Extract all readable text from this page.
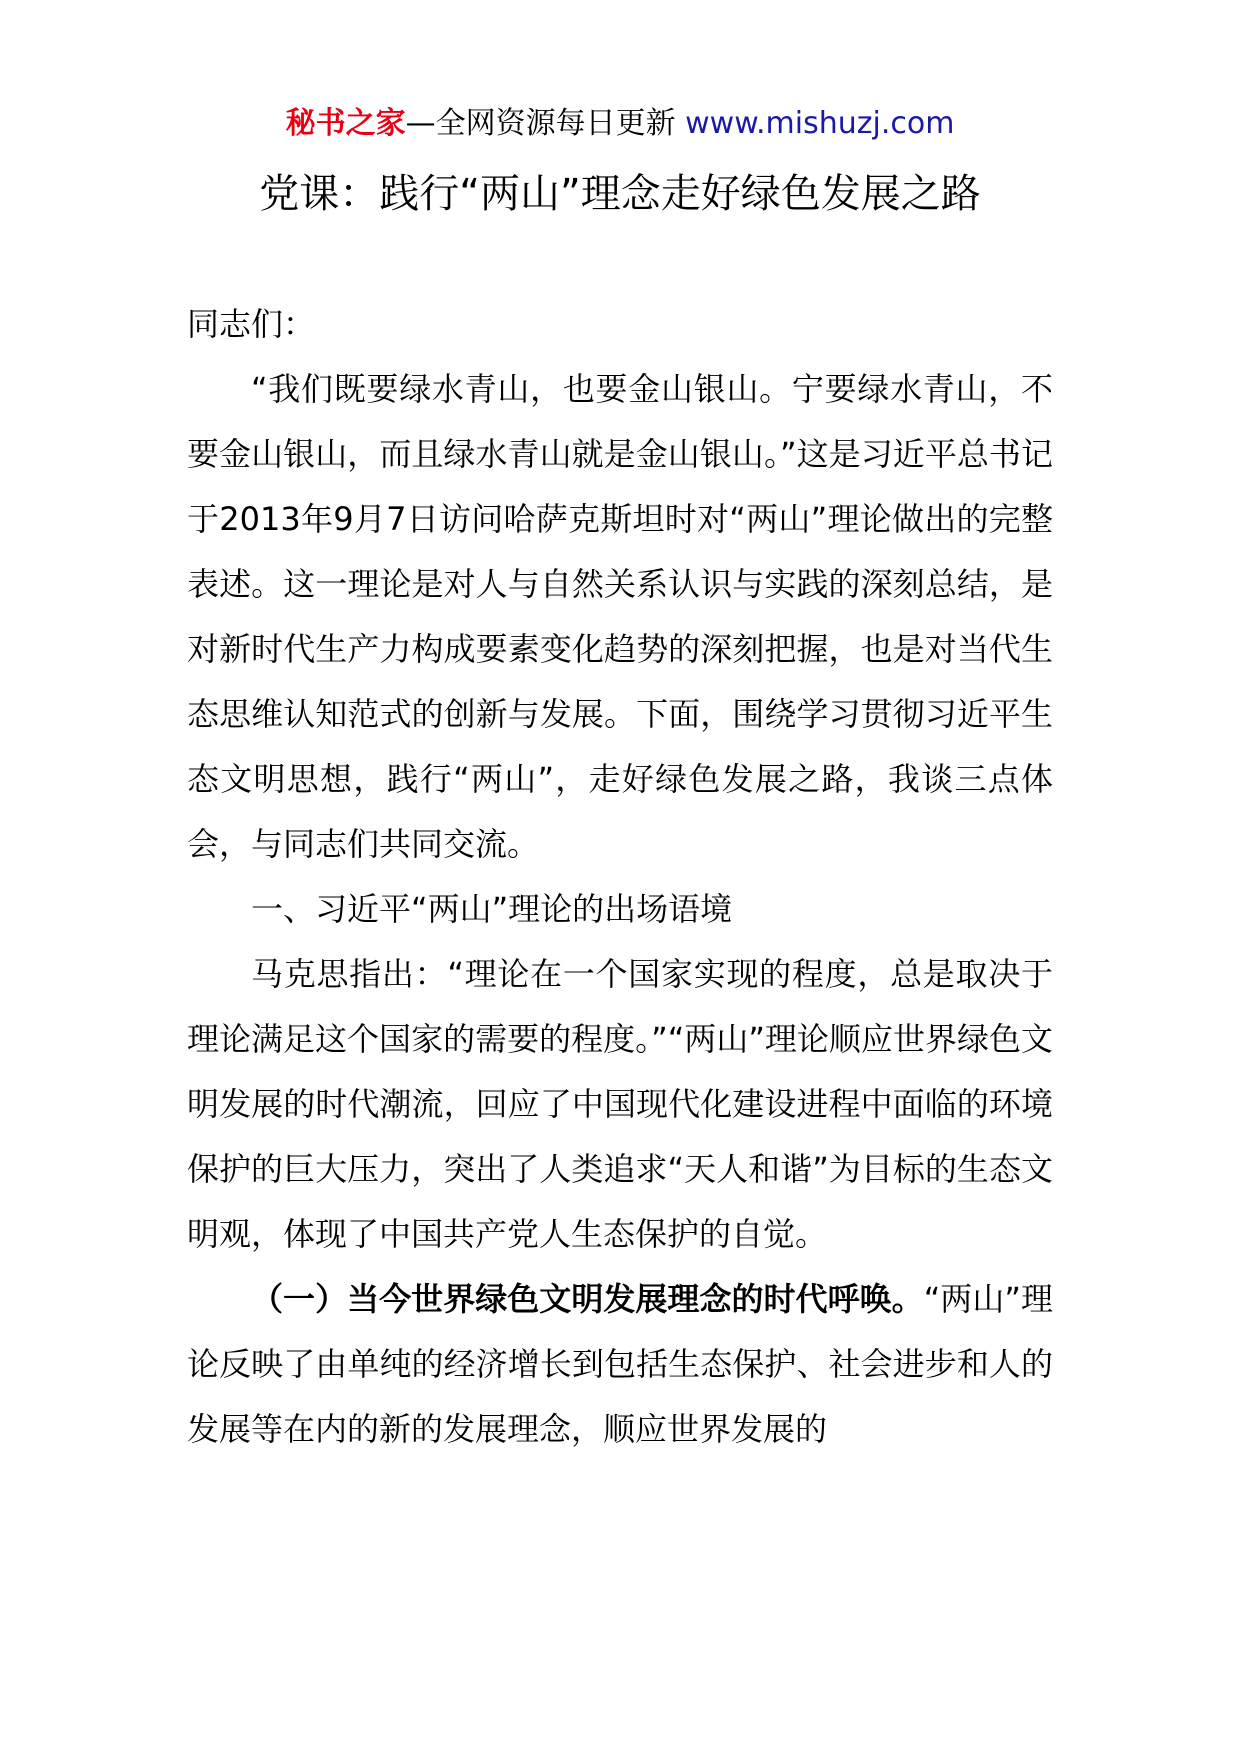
秘书之家—全网资源每日更新 www.mishuzj.com
党课：践行“两山”理念走好绿色发展之路

同志们：

“我们既要绿水青山，也要金山银山。宁要绿水青山，不要金山银山，而且绿水青山就是金山银山。”这是习近平总书记于2013年9月7日访问哈萨克斯坦时对“两山”理论做出的完整表述。这一理论是对人与自然关系认识与实践的深刻总结，是对新时代生产力构成要素变化趋势的深刻把握，也是对当代生态思维认知范式的创新与发展。下面，围绕学习贯彻习近平生态文明思想，践行“两山”，走好绿色发展之路，我谈三点体会，与同志们共同交流。

一、习近平“两山”理论的出场语境

马克思指出：“理论在一个国家实现的程度，总是取决于理论满足这个国家的需要的程度。”“两山”理论顺应世界绿色文明发展的时代潮流，回应了中国现代化建设进程中面临的环境保护的巨大压力，突出了人类追求“天人和谐”为目标的生态文明观，体现了中国共产党人生态保护的自觉。

（一）当今世界绿色文明发展理念的时代呼唤。“两山”理论反映了由单纯的经济增长到包括生态保护、社会进步和人的发展等在内的新的发展理念，顺应世界发展的
